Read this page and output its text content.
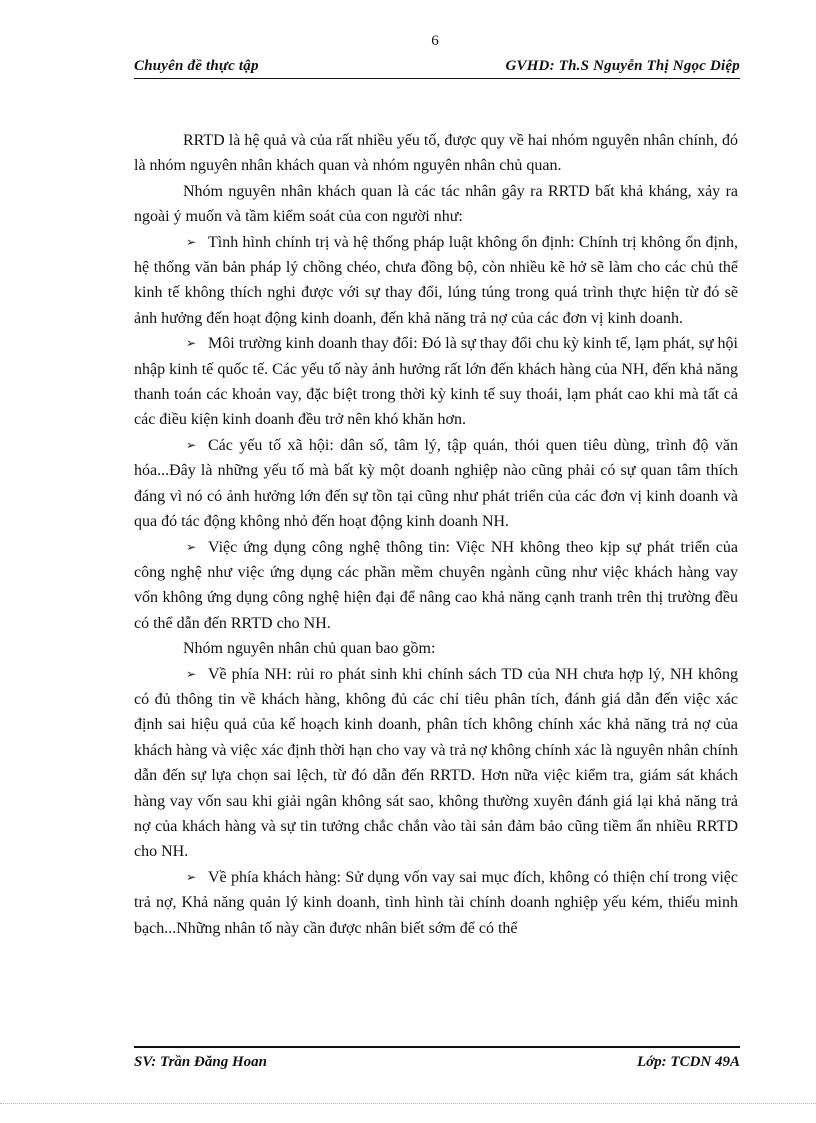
6
Chuyên đề thực tập	GVHD: Th.S Nguyễn Thị Ngọc Diệp

RRTD là hệ quả và của rất nhiều yếu tố, được quy về hai nhóm nguyên nhân chính, đó là nhóm nguyên nhân khách quan và nhóm nguyên nhân chủ quan.

Nhóm nguyên nhân khách quan là các tác nhân gây ra RRTD bất khả kháng, xảy ra ngoài ý muốn và tầm kiểm soát của con người như:

➢ Tình hình chính trị và hệ thống pháp luật không ổn định: Chính trị không ổn định, hệ thống văn bản pháp lý chồng chéo, chưa đồng bộ, còn nhiều kẽ hở sẽ làm cho các chủ thể kinh tế không thích nghi được với sự thay đổi, lúng túng trong quá trình thực hiện từ đó sẽ ảnh hưởng đến hoạt động kinh doanh, đến khả năng trả nợ của các đơn vị kinh doanh.

➢ Môi trường kinh doanh thay đổi: Đó là sự thay đổi chu kỳ kinh tế, lạm phát, sự hội nhập kinh tế quốc tế. Các yếu tố này ảnh hưởng rất lớn đến khách hàng của NH, đến khả năng thanh toán các khoản vay, đặc biệt trong thời kỳ kinh tế suy thoái, lạm phát cao khi mà tất cả các điều kiện kinh doanh đều trở nên khó khăn hơn.

➢ Các yếu tố xã hội: dân số, tâm lý, tập quán, thói quen tiêu dùng, trình độ văn hóa...Đây là những yếu tố mà bất kỳ một doanh nghiệp nào cũng phải có sự quan tâm thích đáng vì nó có ảnh hưởng lớn đến sự tồn tại cũng như phát triển của các đơn vị kinh doanh và qua đó tác động không nhỏ đến hoạt động kinh doanh NH.

➢ Việc ứng dụng công nghệ thông tin: Việc NH không theo kịp sự phát triển của công nghệ như việc ứng dụng các phần mềm chuyên ngành cũng như việc khách hàng vay vốn không ứng dụng công nghệ hiện đại để nâng cao khả năng cạnh tranh trên thị trường đều có thể dẫn đến RRTD cho NH.

Nhóm nguyên nhân chủ quan bao gồm:

➢ Về phía NH: rủi ro phát sinh khi chính sách TD của NH chưa hợp lý, NH không có đủ thông tin về khách hàng, không đủ các chỉ tiêu phân tích, đánh giá dẫn đến việc xác định sai hiệu quả của kế hoạch kinh doanh, phân tích không chính xác khả năng trả nợ của khách hàng và việc xác định thời hạn cho vay và trả nợ không chính xác là nguyên nhân chính dẫn đến sự lựa chọn sai lệch, từ đó dẫn đến RRTD. Hơn nữa việc kiểm tra, giám sát khách hàng vay vốn sau khi giải ngân không sát sao, không thường xuyên đánh giá lại khả năng trả nợ của khách hàng và sự tin tưởng chắc chắn vào tài sản đảm bảo cũng tiềm ẩn nhiều RRTD cho NH.

➢ Về phía khách hàng: Sử dụng vốn vay sai mục đích, không có thiện chí trong việc trả nợ, Khả năng quản lý kinh doanh, tình hình tài chính doanh nghiệp yếu kém, thiếu minh bạch...Những nhân tố này cần được nhân biết sớm để có thể

SV: Trần Đăng Hoan	Lớp: TCDN 49A
